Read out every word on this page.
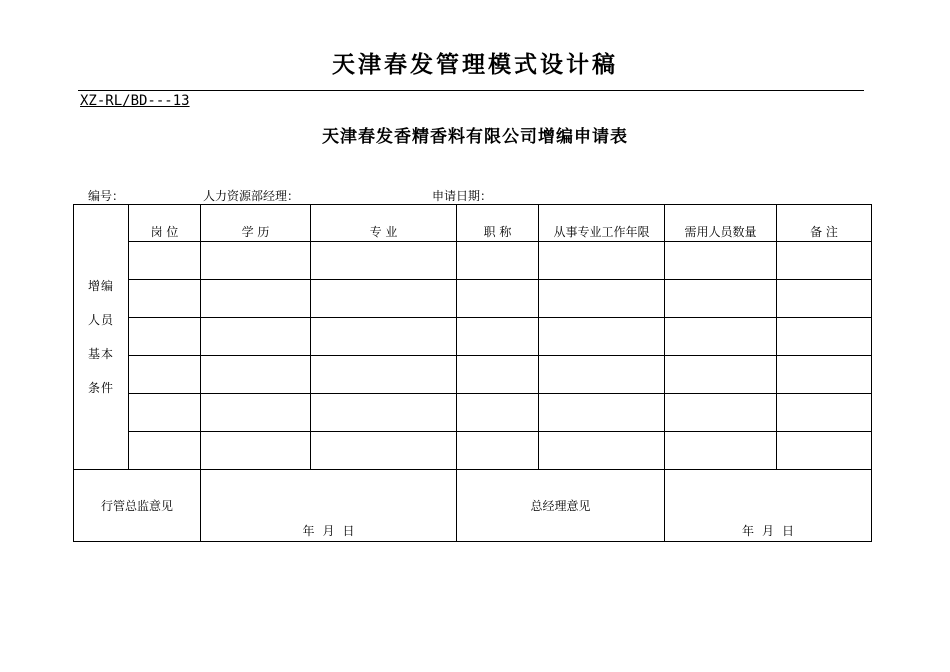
天津春发管理模式设计稿
XZ-RL/BD---13
天津春发香精香料有限公司增编申请表
编号：	人力资源部经理：	申请日期：
增编
人员
基本
条件	岗 位	学 历	专 业	职 称	从事专业工作年限	需用人员数量	备 注

行管总监意见		年 月 日		总经理意见		年 月 日	
